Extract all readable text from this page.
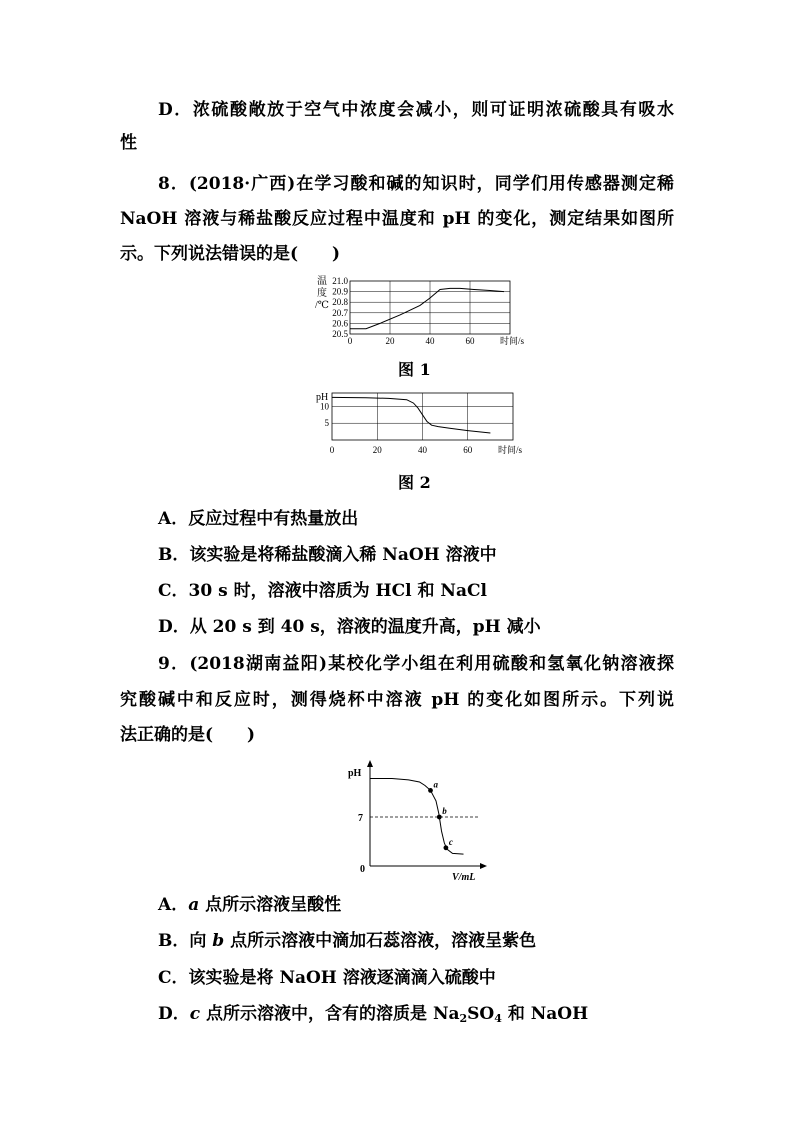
D．浓硫酸敞放于空气中浓度会减小，则可证明浓硫酸具有吸水
性
8．(2018·广西)在学习酸和碱的知识时，同学们用传感器测定稀
NaOH 溶液与稀盐酸反应过程中温度和 pH 的变化，测定结果如图所
示。下列说法错误的是(　　)
21.0
20.9
20.8
20.7
20.6
20.5
0	20	40	60	时间/s
温
度
/℃
图 1
10
5
0	20	40	60	时间/s
pH
图 2
A．反应过程中有热量放出
B．该实验是将稀盐酸滴入稀 NaOH 溶液中
C．30 s 时，溶液中溶质为 HCl 和 NaCl
D．从 20 s 到 40 s，溶液的温度升高，pH 减小
9．(2018湖南益阳)某校化学小组在利用硫酸和氢氧化钠溶液探
究酸碱中和反应时，测得烧杯中溶液 pH 的变化如图所示。下列说
法正确的是(　　)
pH
V/mL
0
7
a
b
c
A．a 点所示溶液呈酸性
B．向 b 点所示溶液中滴加石蕊溶液，溶液呈紫色
C．该实验是将 NaOH 溶液逐滴滴入硫酸中
D．c 点所示溶液中，含有的溶质是 $Na_2SO_4$ 和 NaOH
